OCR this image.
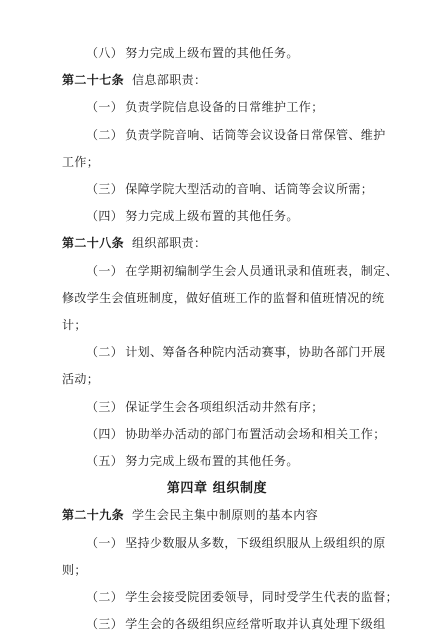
（八） 努力完成上级布置的其他任务。
第二十七条 信息部职责：
（一） 负责学院信息设备的日常维护工作；
（二） 负责学院音响、话筒等会议设备日常保管、维护
工作；
（三） 保障学院大型活动的音响、话筒等会议所需；
（四） 努力完成上级布置的其他任务。
第二十八条 组织部职责：
（一） 在学期初编制学生会人员通讯录和值班表，制定、
修改学生会值班制度，做好值班工作的监督和值班情况的统
计；
（二） 计划、筹备各种院内活动赛事，协助各部门开展
活动；
（三） 保证学生会各项组织活动井然有序；
（四） 协助举办活动的部门布置活动会场和相关工作；
（五） 努力完成上级布置的其他任务。
第四章 组织制度
第二十九条 学生会民主集中制原则的基本内容
（一） 坚持少数服从多数，下级组织服从上级组织的原
则；
（二） 学生会接受院团委领导，同时受学生代表的监督；
（三） 学生会的各级组织应经常听取并认真处理下级组
